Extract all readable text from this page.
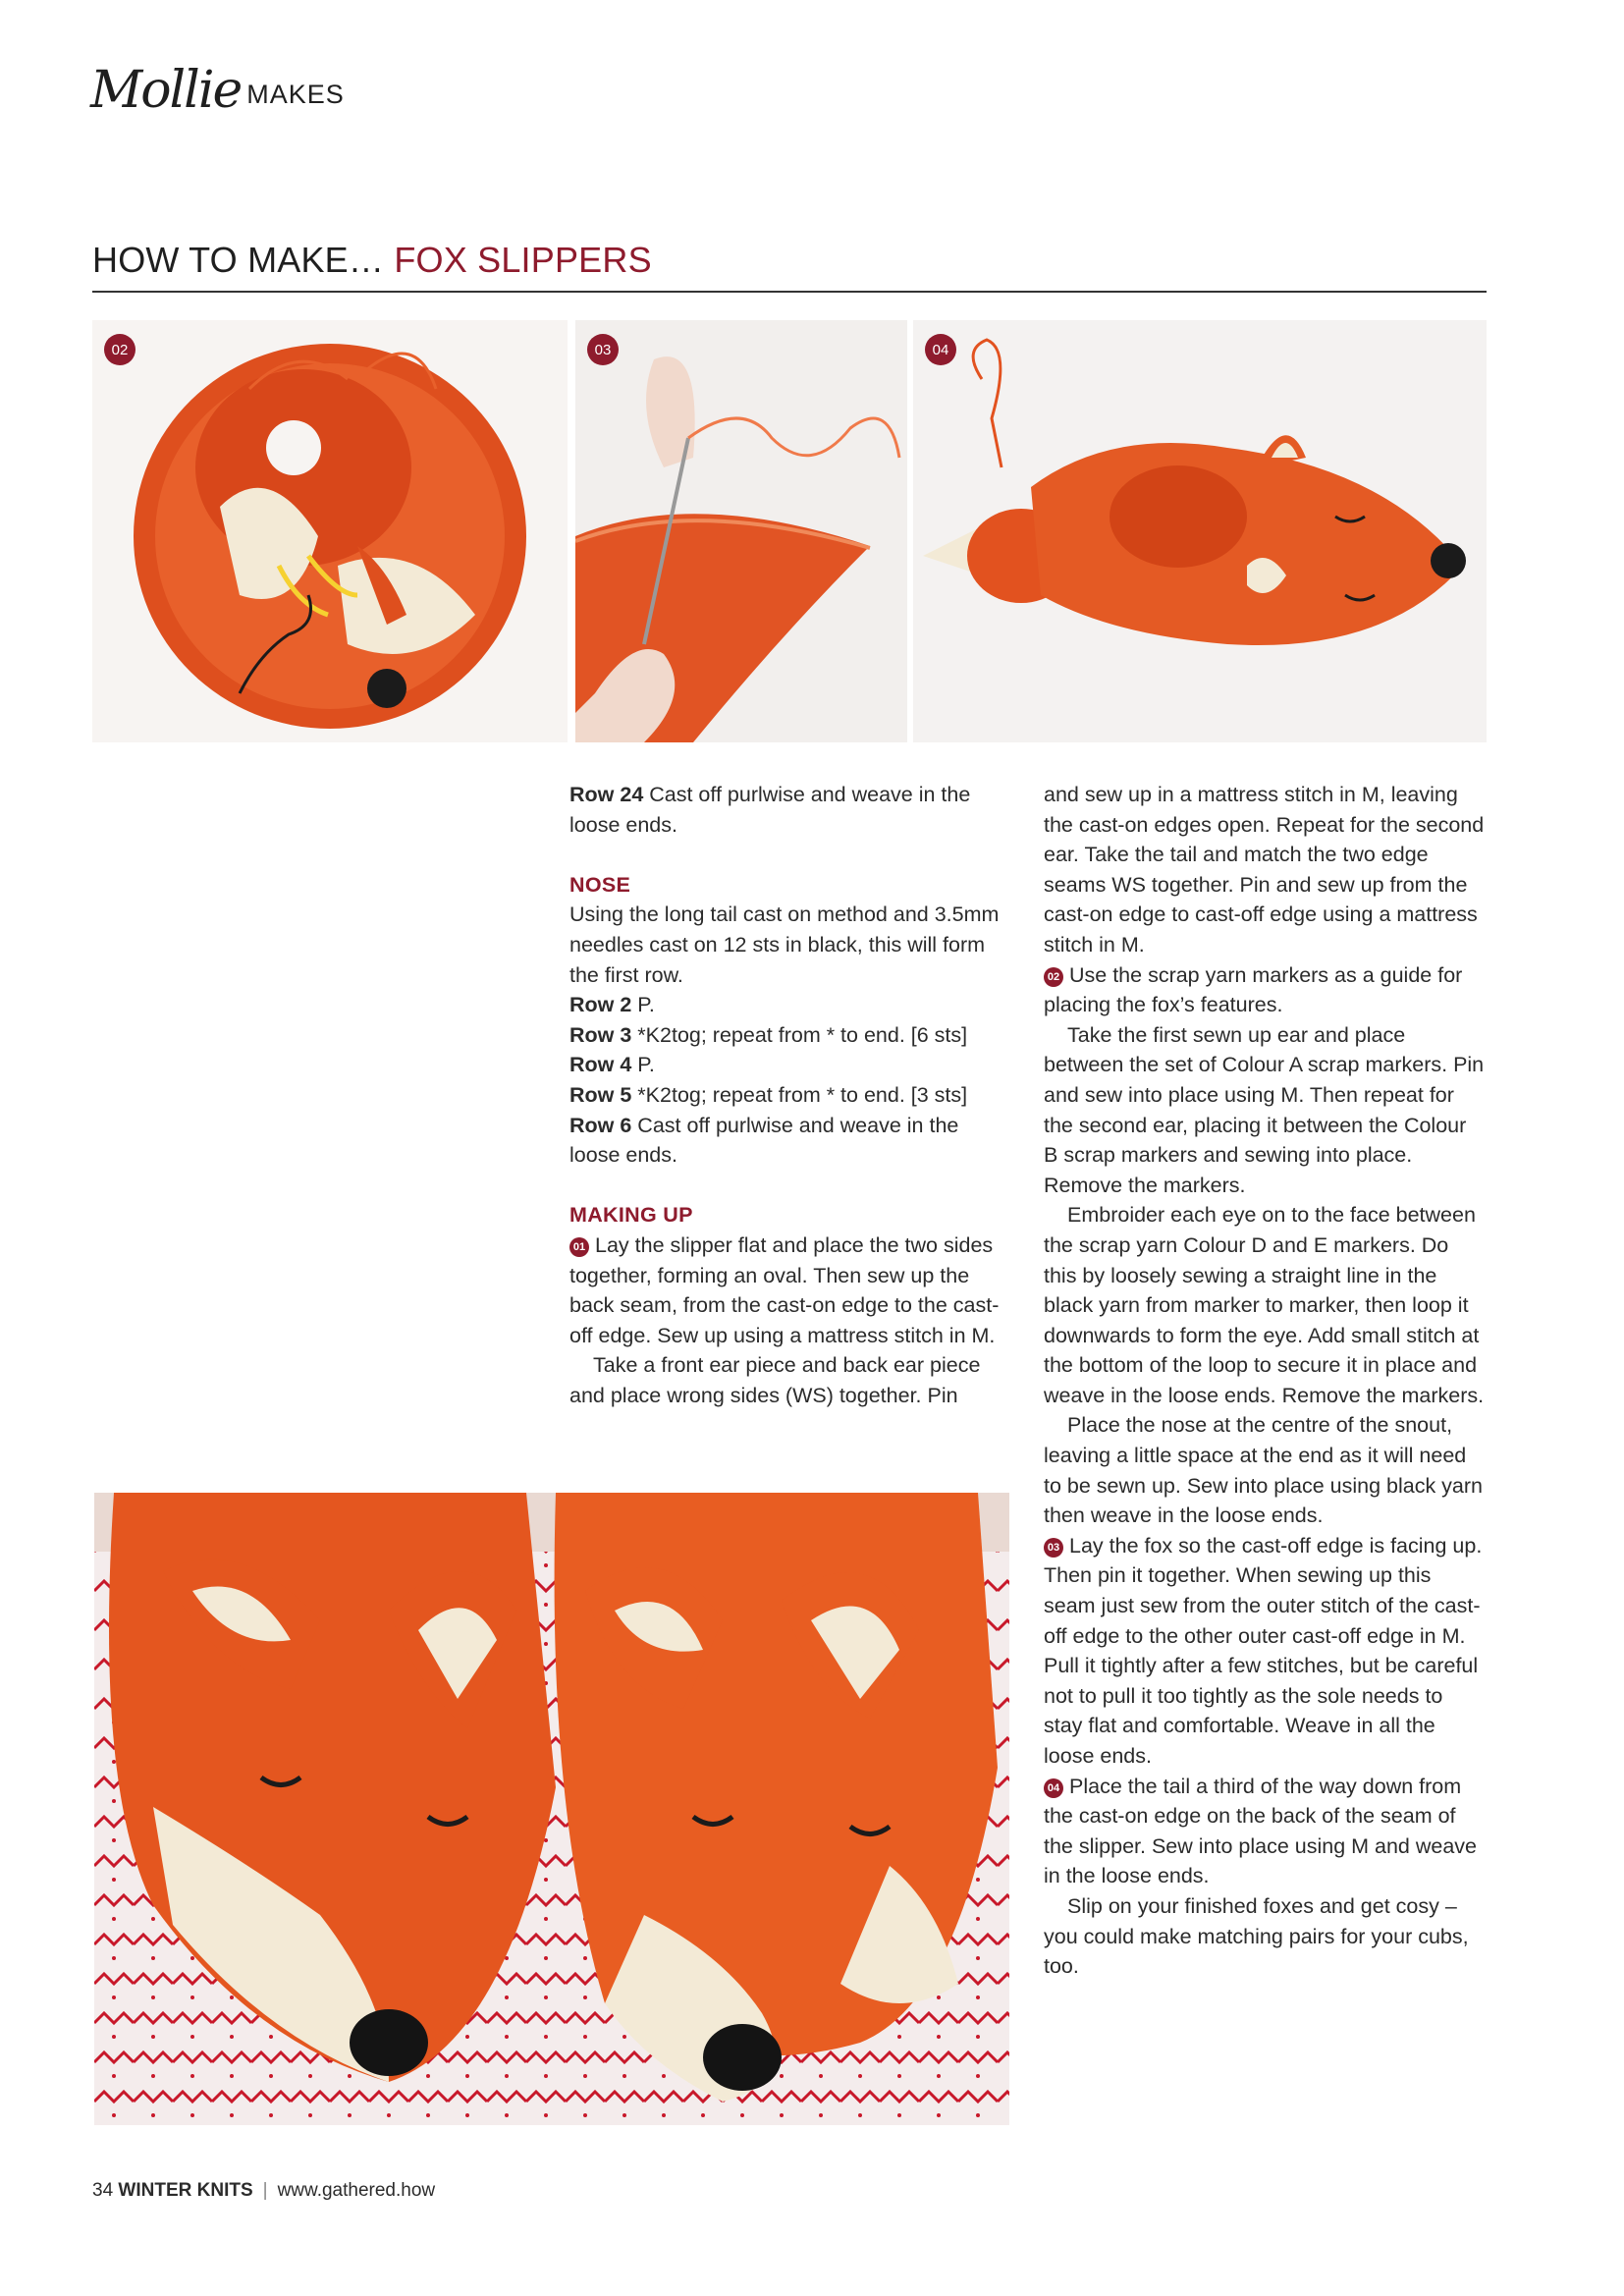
Mollie MAKES
HOW TO MAKE… FOX SLIPPERS
02	03	04

Row 24 Cast off purlwise and weave in the loose ends.

NOSE

Using the long tail cast on method and 3.5mm needles cast on 12 sts in black, this will form the first row.

Row 2 P.

Row 3 *K2tog; repeat from * to end. [6 sts]

Row 4 P.

Row 5 *K2tog; repeat from * to end. [3 sts]

Row 6 Cast off purlwise and weave in the loose ends.

MAKING UP

01 Lay the slipper flat and place the two sides together, forming an oval. Then sew up the back seam, from the cast-on edge to the cast-off edge. Sew up using a mattress stitch in M.

Take a front ear piece and back ear piece and place wrong sides (WS) together. Pin

and sew up in a mattress stitch in M, leaving the cast-on edges open. Repeat for the second ear. Take the tail and match the two edge seams WS together. Pin and sew up from the cast-on edge to cast-off edge using a mattress stitch in M.

02 Use the scrap yarn markers as a guide for placing the fox’s features.

Take the first sewn up ear and place between the set of Colour A scrap markers. Pin and sew into place using M. Then repeat for the second ear, placing it between the Colour B scrap markers and sewing into place. Remove the markers.

Embroider each eye on to the face between the scrap yarn Colour D and E markers. Do this by loosely sewing a straight line in the black yarn from marker to marker, then loop it downwards to form the eye. Add small stitch at the bottom of the loop to secure it in place and weave in the loose ends. Remove the markers.

Place the nose at the centre of the snout, leaving a little space at the end as it will need to be sewn up. Sew into place using black yarn then weave in the loose ends.

03 Lay the fox so the cast-off edge is facing up. Then pin it together. When sewing up this seam just sew from the outer stitch of the cast-off edge to the other outer cast-off edge in M. Pull it tightly after a few stitches, but be careful not to pull it too tightly as the sole needs to stay flat and comfortable. Weave in all the loose ends.

04 Place the tail a third of the way down from the cast-on edge on the back of the seam of the slipper. Sew into place using M and weave in the loose ends.

Slip on your finished foxes and get cosy – you could make matching pairs for your cubs, too.

34 WINTER KNITS | www.gathered.how
